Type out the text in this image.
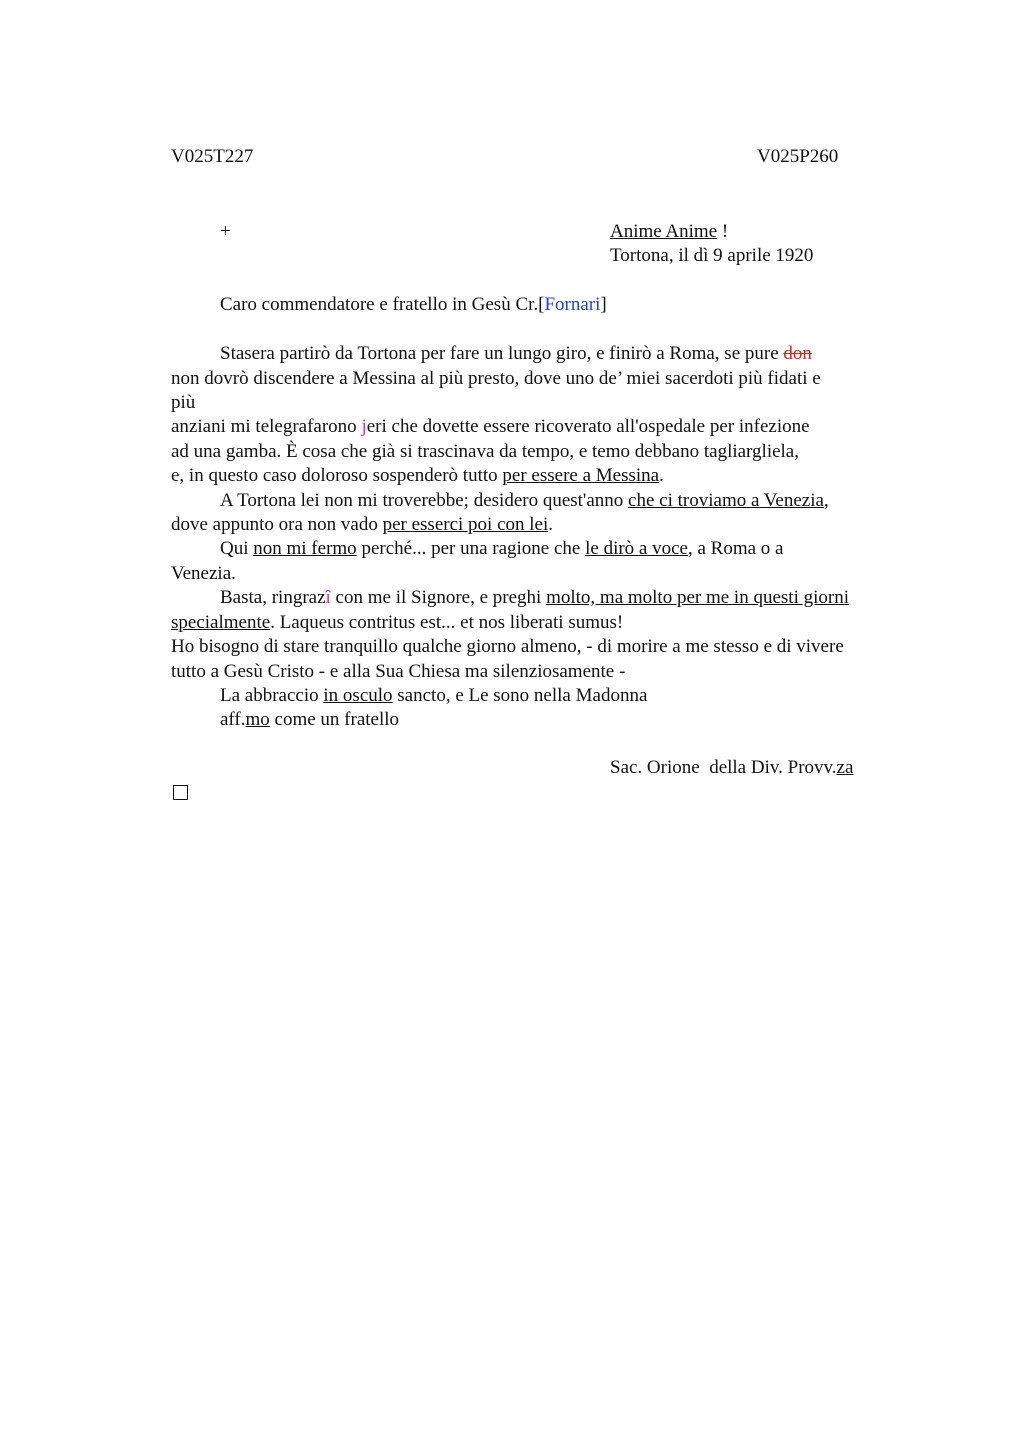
V025T227	V025P260
+	Anime Anime !
Tortona, il dì 9 aprile 1920
Caro commendatore e fratello in Gesù Cr.[Fornari]
Stasera partirò da Tortona per fare un lungo giro, e finirò a Roma, se pure don
non dovrò discendere a Messina al più presto, dove uno de’ miei sacerdoti più fidati e
più
anziani mi telegrafarono jeri che dovette essere ricoverato all'ospedale per infezione
ad una gamba. È cosa che già si trascinava da tempo, e temo debbano tagliargliela,
e, in questo caso doloroso sospenderò tutto per essere a Messina.
A Tortona lei non mi troverebbe; desidero quest'anno che ci troviamo a Venezia,
dove appunto ora non vado per esserci poi con lei.
Qui non mi fermo perché... per una ragione che le dirò a voce, a Roma o a
Venezia.
Basta, ringrazî con me il Signore, e preghi molto, ma molto per me in questi giorni
specialmente. Laqueus contritus est... et nos liberati sumus!
Ho bisogno di stare tranquillo qualche giorno almeno, - di morire a me stesso e di vivere
tutto a Gesù Cristo - e alla Sua Chiesa ma silenziosamente -
La abbraccio in osculo sancto, e Le sono nella Madonna
aff.mo come un fratello
Sac. Orione  della Div. Provv.za
